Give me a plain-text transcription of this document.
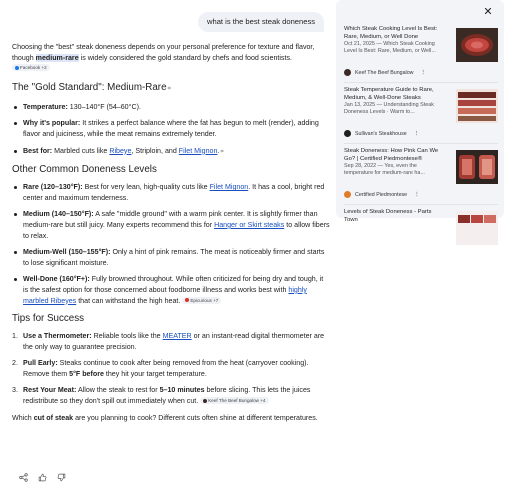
what is the best steak doneness
Choosing the "best" steak doneness depends on your personal preference for texture and flavor, though medium-rare is widely considered the gold standard by chefs and food scientists. Facebook +2
The "Gold Standard": Medium-Rare⌗
Temperature: 130–140°F (54–60°C).
Why it's popular: It strikes a perfect balance where the fat has begun to melt (render), adding flavor and juiciness, while the meat remains extremely tender.
Best for: Marbled cuts like Ribeye, Striploin, and Filet Mignon.⌗
Other Common Doneness Levels
Rare (120–130°F): Best for very lean, high-quality cuts like Filet Mignon. It has a cool, bright red center and maximum tenderness.
Medium (140–150°F): A safe "middle ground" with a warm pink center. It is slightly firmer than medium-rare but still juicy. Many experts recommend this for Hanger or Skirt steaks to allow fibers to relax.
Medium-Well (150–155°F): Only a hint of pink remains. The meat is noticeably firmer and starts to lose significant moisture.
Well-Done (160°F+): Fully browned throughout. While often criticized for being dry and tough, it is the safest option for those concerned about foodborne illness and works best with highly marbled Ribeyes that can withstand the high heat. Epicurious +7
Tips for Success
1. Use a Thermometer: Reliable tools like the MEATER or an instant-read digital thermometer are the only way to guarantee precision.
2. Pull Early: Steaks continue to cook after being removed from the heat (carryover cooking). Remove them 5°F before they hit your target temperature.
3. Rest Your Meat: Allow the steak to rest for 5–10 minutes before slicing. This lets the juices redistribute so they don't spill out immediately when cut. Keef The Beef Bungalow +4
Which cut of steak are you planning to cook? Different cuts often shine at different temperatures.
✕
Which Steak Cooking Level Is Best: Rare, Medium, or Well Done
Oct 21, 2025 — Which Steak Cooking Level Is Best: Rare, Medium, or Well...
Keef The Beef Bungalow ⋮
Steak Temperature Guide to Rare, Medium, & Well-Done Steaks
Jan 13, 2025 — Understanding Steak Doneness Levels · Warm to...
Sullivan's Steakhouse ⋮
Steak Doneness: How Pink Can We Go? | Certified Piedmontese®
Sep 28, 2022 — Yes, even the temperature for medium-rare ha...
Certified Piedmontese ⋮
Levels of Steak Doneness - Parts Town
